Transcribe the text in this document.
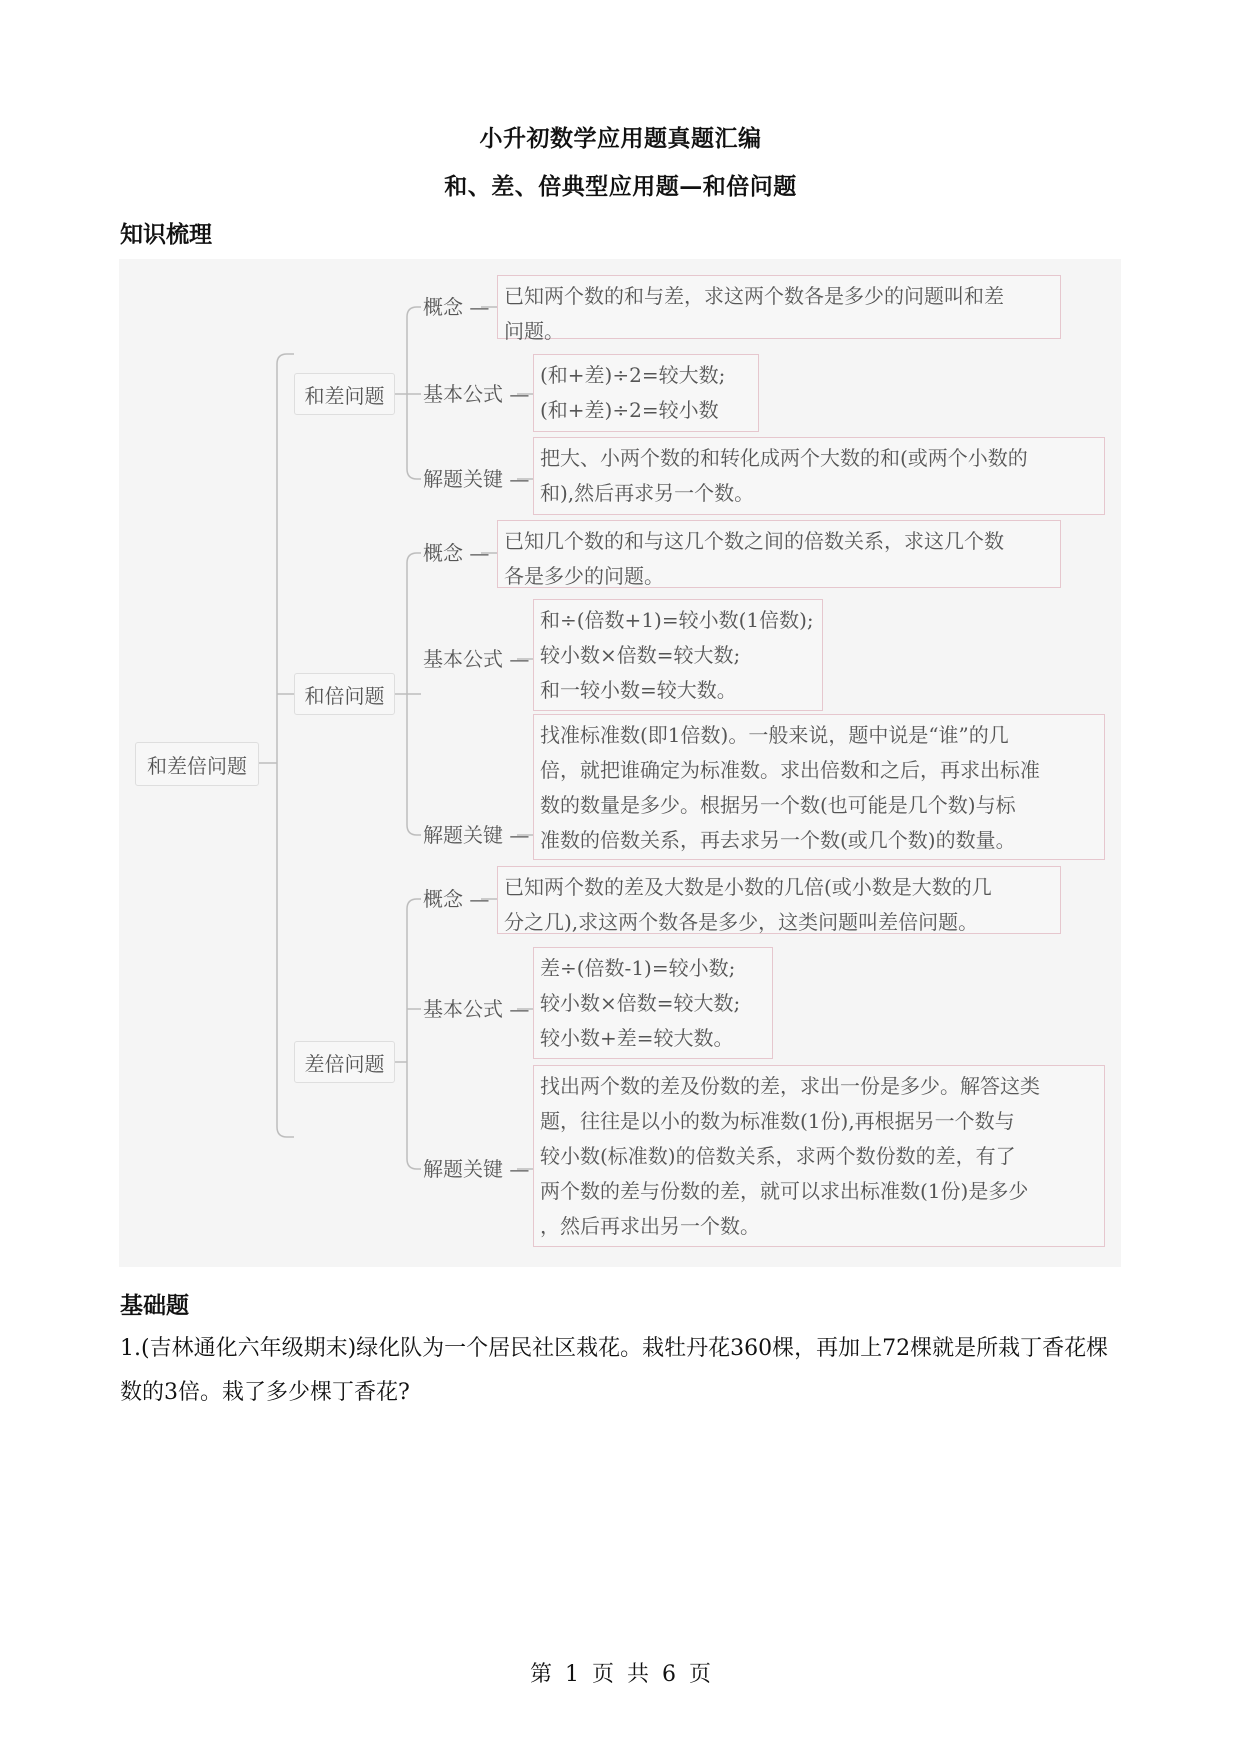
小升初数学应用题真题汇编
和、差、倍典型应用题—和倍问题
知识梳理
和差倍问题
和差问题
和倍问题
差倍问题
概念 — 已知两个数的和与差，求这两个数各是多少的问题叫和差
问题。
基本公式 —
(和+差)÷2=较大数;
(和+差)÷2=较小数
解题关键 —
把大、小两个数的和转化成两个大数的和(或两个小数的
和),然后再求另一个数。
概念 — 已知几个数的和与这几个数之间的倍数关系，求这几个数
各是多少的问题。
基本公式 —
和÷(倍数+1)=较小数(1倍数);
较小数×倍数=较大数;
和一较小数=较大数。
解题关键 —
找准标准数(即1倍数)。一般来说，题中说是“谁”的几
倍，就把谁确定为标准数。求出倍数和之后，再求出标准
数的数量是多少。根据另一个数(也可能是几个数)与标
准数的倍数关系，再去求另一个数(或几个数)的数量。
概念 — 已知两个数的差及大数是小数的几倍(或小数是大数的几
分之几),求这两个数各是多少，这类问题叫差倍问题。
基本公式 —
差÷(倍数-1)=较小数;
较小数×倍数=较大数;
较小数+差=较大数。
解题关键 —
找出两个数的差及份数的差，求出一份是多少。解答这类
题，往往是以小的数为标准数(1份),再根据另一个数与
较小数(标准数)的倍数关系，求两个数份数的差，有了
两个数的差与份数的差，就可以求出标准数(1份)是多少
，然后再求出另一个数。
基础题
1.(吉林通化六年级期末)绿化队为一个居民社区栽花。栽牡丹花360棵，再加上72棵就是所栽丁香花棵数的3倍。栽了多少棵丁香花?
第 1 页 共 6 页
